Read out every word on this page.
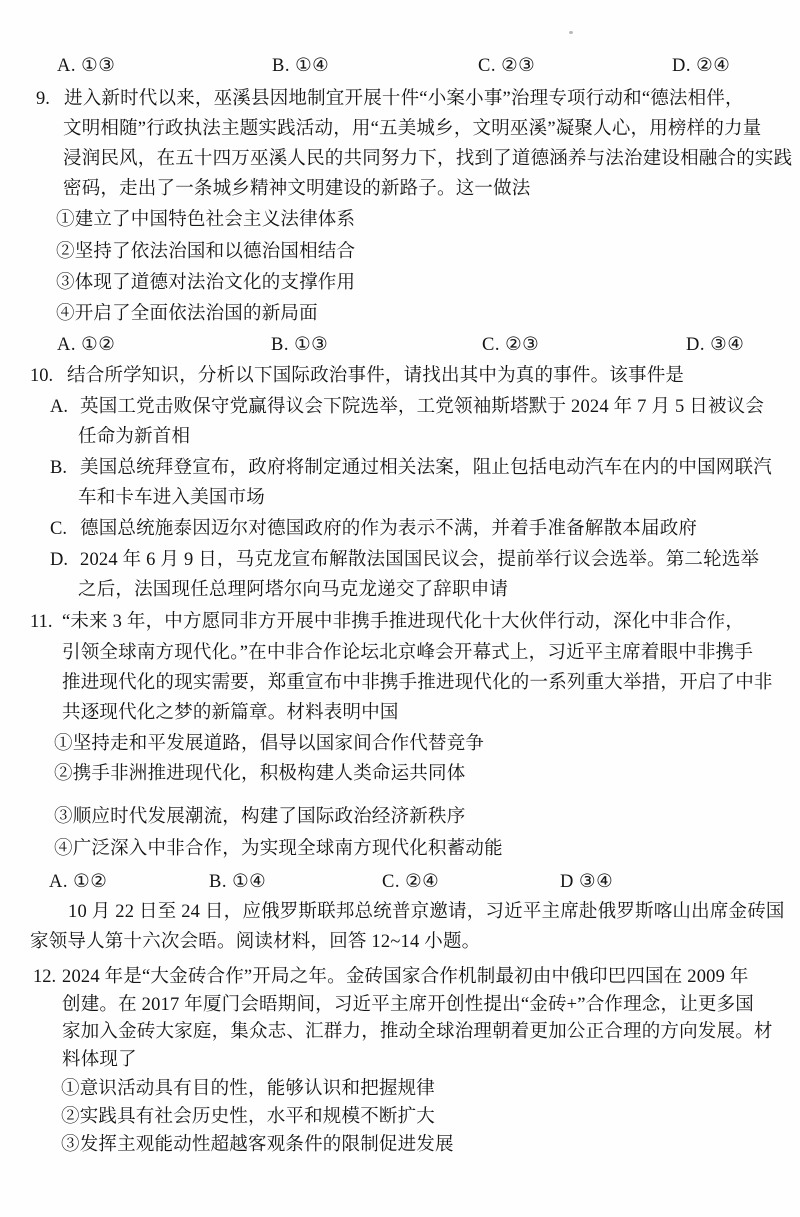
A. ①③	B. ①④	C. ②③	D. ②④
9. 进入新时代以来，巫溪县因地制宜开展十件“小案小事”治理专项行动和“德法相伴，
文明相随”行政执法主题实践活动，用“五美城乡，文明巫溪”凝聚人心，用榜样的力量
浸润民风，在五十四万巫溪人民的共同努力下，找到了道德涵养与法治建设相融合的实践
密码，走出了一条城乡精神文明建设的新路子。这一做法
①建立了中国特色社会主义法律体系
②坚持了依法治国和以德治国相结合
③体现了道德对法治文化的支撑作用
④开启了全面依法治国的新局面
A. ①②	B. ①③	C. ②③	D. ③④
10. 结合所学知识，分析以下国际政治事件，请找出其中为真的事件。该事件是
A. 英国工党击败保守党赢得议会下院选举，工党领袖斯塔默于 2024 年 7 月 5 日被议会
任命为新首相
B. 美国总统拜登宣布，政府将制定通过相关法案，阻止包括电动汽车在内的中国网联汽
车和卡车进入美国市场
C. 德国总统施泰因迈尔对德国政府的作为表示不满，并着手准备解散本届政府
D. 2024 年 6 月 9 日，马克龙宣布解散法国国民议会，提前举行议会选举。第二轮选举
之后，法国现任总理阿塔尔向马克龙递交了辞职申请
11. “未来 3 年，中方愿同非方开展中非携手推进现代化十大伙伴行动，深化中非合作，
引领全球南方现代化。”在中非合作论坛北京峰会开幕式上，习近平主席着眼中非携手
推进现代化的现实需要，郑重宣布中非携手推进现代化的一系列重大举措，开启了中非
共逐现代化之梦的新篇章。材料表明中国
①坚持走和平发展道路，倡导以国家间合作代替竞争
②携手非洲推进现代化，积极构建人类命运共同体
③顺应时代发展潮流，构建了国际政治经济新秩序
④广泛深入中非合作，为实现全球南方现代化积蓄动能
A. ①②	B. ①④	C. ②④	D ③④
10 月 22 日至 24 日，应俄罗斯联邦总统普京邀请，习近平主席赴俄罗斯喀山出席金砖国
家领导人第十六次会晤。阅读材料，回答 12~14 小题。
12. 2024 年是“大金砖合作”开局之年。金砖国家合作机制最初由中俄印巴四国在 2009 年
创建。在 2017 年厦门会晤期间，习近平主席开创性提出“金砖+”合作理念，让更多国
家加入金砖大家庭，集众志、汇群力，推动全球治理朝着更加公正合理的方向发展。材
料体现了
①意识活动具有目的性，能够认识和把握规律
②实践具有社会历史性，水平和规模不断扩大
③发挥主观能动性超越客观条件的限制促进发展
